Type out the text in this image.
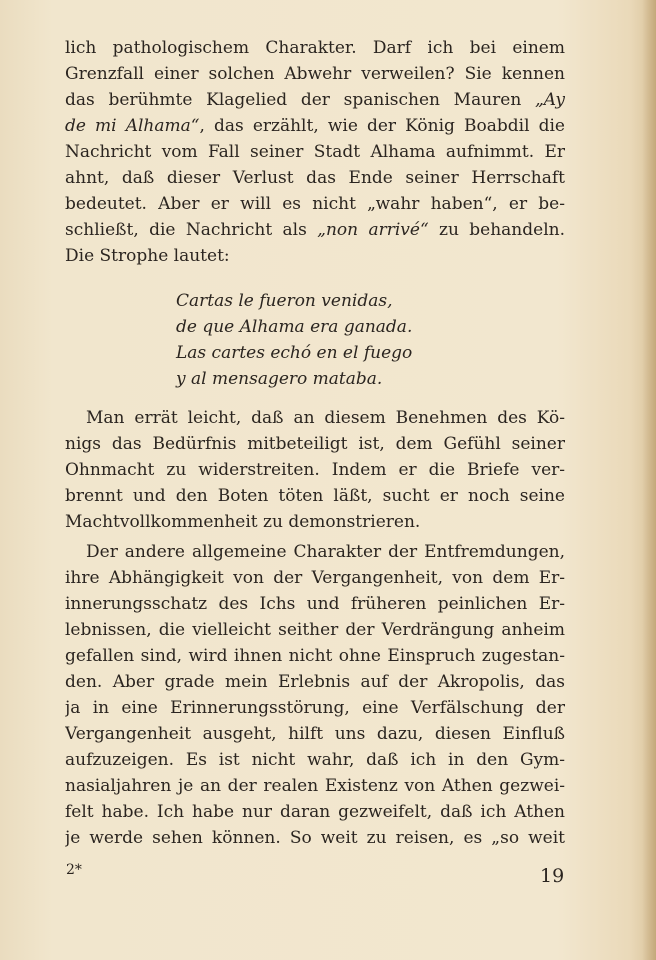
lich pathologischem Charakter. Darf ich bei einem
Grenzfall einer solchen Abwehr verweilen? Sie kennen
das berühmte Klagelied der spanischen Mauren „Ay
de mi Alhama“, das erzählt, wie der König Boabdil die
Nachricht vom Fall seiner Stadt Alhama aufnimmt. Er
ahnt, daß dieser Verlust das Ende seiner Herrschaft
bedeutet. Aber er will es nicht „wahr haben“, er be-
schließt, die Nachricht als „non arrivé“ zu behandeln.
Die Strophe lautet:
Cartas le fueron venidas,
de que Alhama era ganada.
Las cartes echó en el fuego
y al mensagero mataba.
Man errät leicht, daß an diesem Benehmen des Kö-
nigs das Bedürfnis mitbeteiligt ist, dem Gefühl seiner
Ohnmacht zu widerstreiten. Indem er die Briefe ver-
brennt und den Boten töten läßt, sucht er noch seine
Machtvollkommenheit zu demonstrieren.
Der andere allgemeine Charakter der Entfremdungen,
ihre Abhängigkeit von der Vergangenheit, von dem Er-
innerungsschatz des Ichs und früheren peinlichen Er-
lebnissen, die vielleicht seither der Verdrängung anheim
gefallen sind, wird ihnen nicht ohne Einspruch zugestan-
den. Aber grade mein Erlebnis auf der Akropolis, das
ja in eine Erinnerungsstörung, eine Verfälschung der
Vergangenheit ausgeht, hilft uns dazu, diesen Einfluß
aufzuzeigen. Es ist nicht wahr, daß ich in den Gym-
nasialjahren je an der realen Existenz von Athen gezwei-
felt habe. Ich habe nur daran gezweifelt, daß ich Athen
je werde sehen können. So weit zu reisen, es „so weit
2*	19
